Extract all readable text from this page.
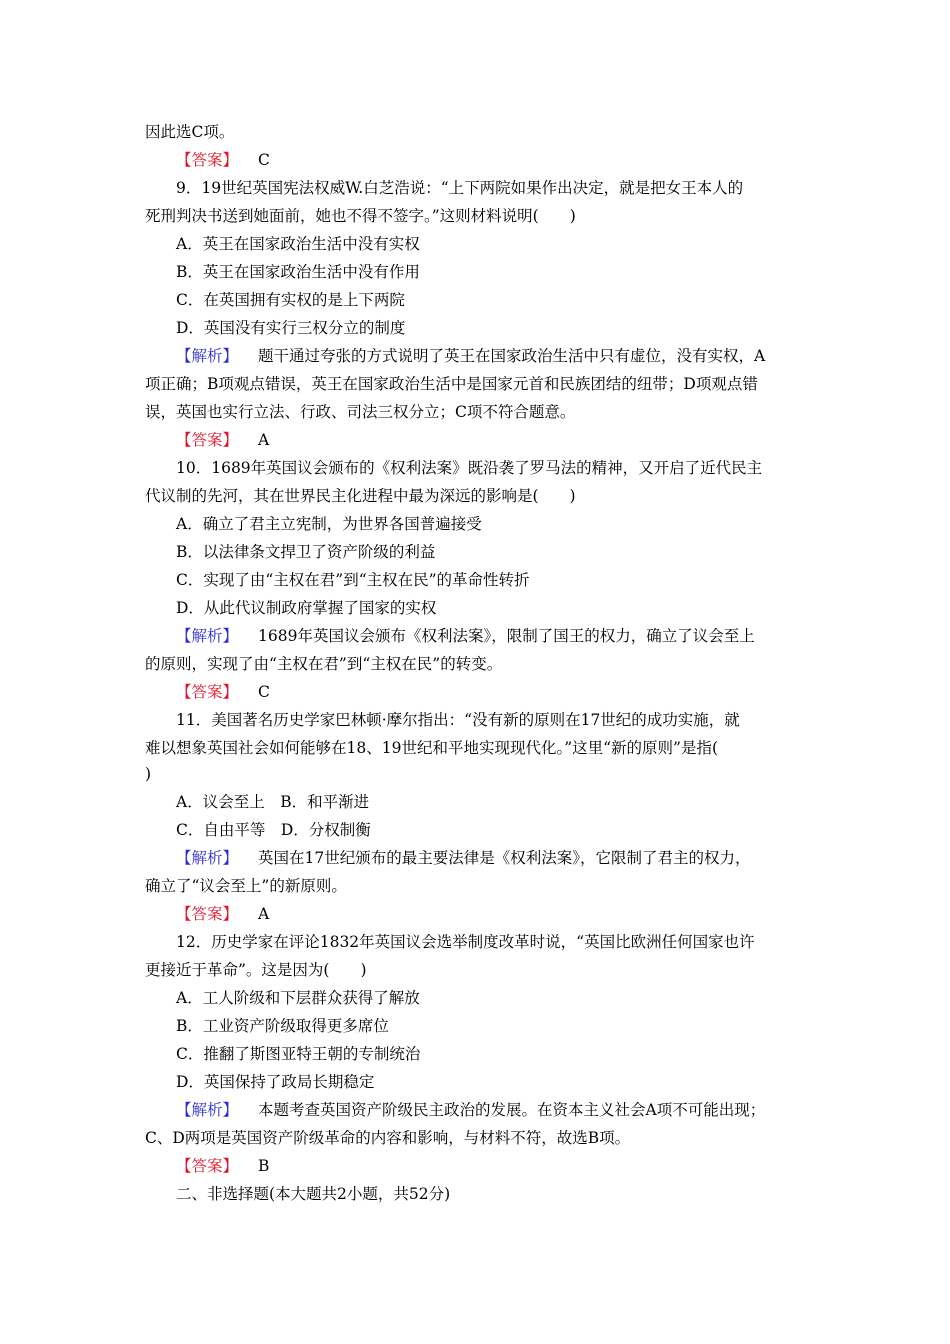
因此选C项。
【答案】 C
9．19世纪英国宪法权威W.白芝浩说：“上下两院如果作出决定，就是把女王本人的
死刑判决书送到她面前，她也不得不签字。”这则材料说明(　　)
A．英王在国家政治生活中没有实权
B．英王在国家政治生活中没有作用
C．在英国拥有实权的是上下两院
D．英国没有实行三权分立的制度
【解析】 题干通过夸张的方式说明了英王在国家政治生活中只有虚位，没有实权，A
项正确；B项观点错误，英王在国家政治生活中是国家元首和民族团结的纽带；D项观点错
误，英国也实行立法、行政、司法三权分立；C项不符合题意。
【答案】 A
10．1689年英国议会颁布的《权利法案》既沿袭了罗马法的精神，又开启了近代民主
代议制的先河，其在世界民主化进程中最为深远的影响是(　　)
A．确立了君主立宪制，为世界各国普遍接受
B．以法律条文捍卫了资产阶级的利益
C．实现了由“主权在君”到“主权在民”的革命性转折
D．从此代议制政府掌握了国家的实权
【解析】 1689年英国议会颁布《权利法案》，限制了国王的权力，确立了议会至上
的原则，实现了由“主权在君”到“主权在民”的转变。
【答案】 C
11．美国著名历史学家巴林顿·摩尔指出：“没有新的原则在17世纪的成功实施，就
难以想象英国社会如何能够在18、19世纪和平地实现现代化。”这里“新的原则”是指(
)
A．议会至上　B．和平渐进
C．自由平等　D．分权制衡
【解析】 英国在17世纪颁布的最主要法律是《权利法案》，它限制了君主的权力，
确立了“议会至上”的新原则。
【答案】 A
12．历史学家在评论1832年英国议会选举制度改革时说，“英国比欧洲任何国家也许
更接近于革命”。这是因为(　　)
A．工人阶级和下层群众获得了解放
B．工业资产阶级取得更多席位
C．推翻了斯图亚特王朝的专制统治
D．英国保持了政局长期稳定
【解析】 本题考查英国资产阶级民主政治的发展。在资本主义社会A项不可能出现；
C、D两项是英国资产阶级革命的内容和影响，与材料不符，故选B项。
【答案】 B
二、非选择题(本大题共2小题，共52分)
